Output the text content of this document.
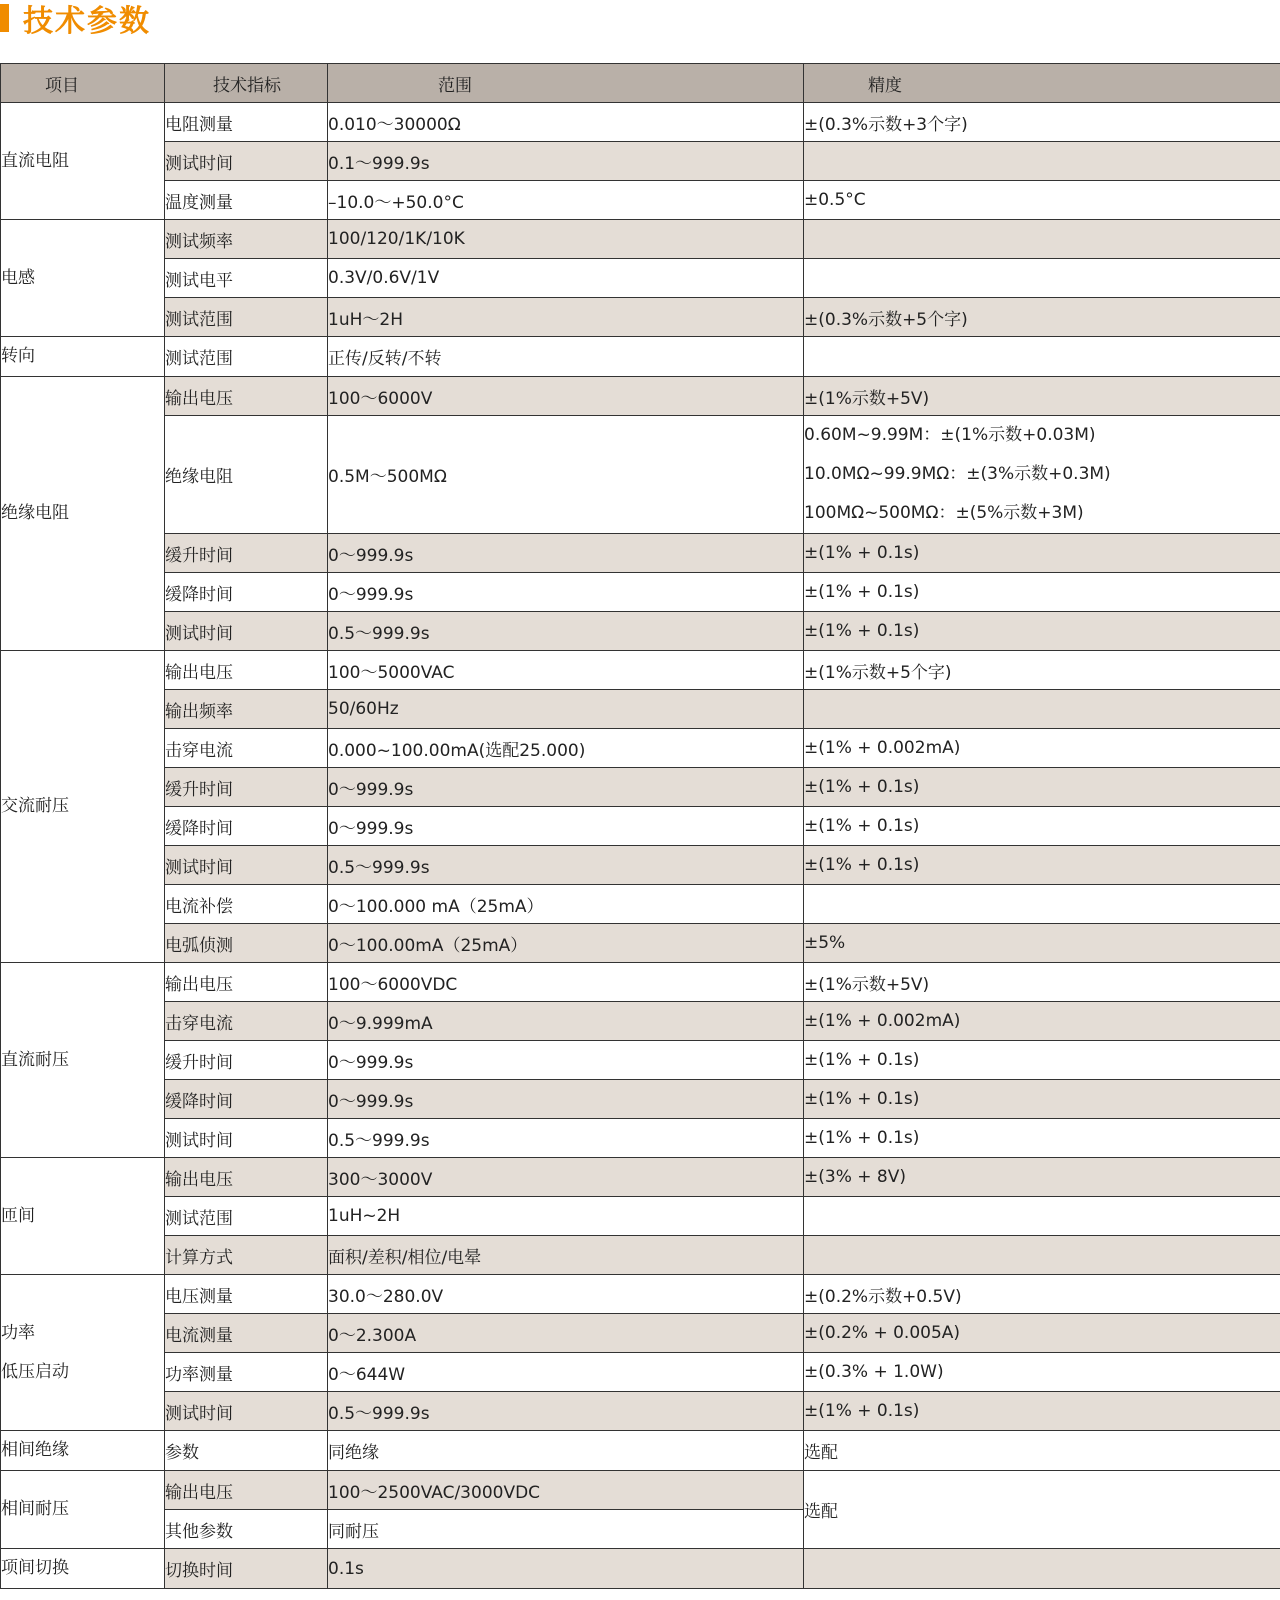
技术参数
项目	技术指标	范围	精度

直流电阻	电阻测量	0.010～30000Ω	±(0.3%示数+3个字)

	测试时间	0.1～999.9s	
	温度测量	–10.0～+50.0°C	±0.5°C

电感	测试频率	100/120/1K/10K	
	测试电平	0.3V/0.6V/1V	
	测试范围	1uH～2H	±(0.3%示数+5个字)

转向	测试范围	正传/反转/不转	

绝缘电阻	输出电压	100～6000V	±(1%示数+5V)

	绝缘电阻	0.5M～500MΩ	0.60M~9.99M：±(1%示数+0.03M)
10.0MΩ~99.9MΩ：±(3%示数+0.3M)
100MΩ~500MΩ：±(5%示数+3M)

	缓升时间	0～999.9s	±(1% + 0.1s)

	缓降时间	0～999.9s	±(1% + 0.1s)

	测试时间	0.5～999.9s	±(1% + 0.1s)

交流耐压	输出电压	100～5000VAC	±(1%示数+5个字)

	输出频率	50/60Hz	
	击穿电流	0.000~100.00mA(选配25.000)	±(1% + 0.002mA)

	缓升时间	0～999.9s	±(1% + 0.1s)

	缓降时间	0～999.9s	±(1% + 0.1s)

	测试时间	0.5～999.9s	±(1% + 0.1s)

	电流补偿	0～100.000 mA（25mA）	
	电弧侦测	0～100.00mA（25mA）	±5%

直流耐压	输出电压	100～6000VDC	±(1%示数+5V)

	击穿电流	0～9.999mA	±(1% + 0.002mA)

	缓升时间	0～999.9s	±(1% + 0.1s)

	缓降时间	0～999.9s	±(1% + 0.1s)

	测试时间	0.5～999.9s	±(1% + 0.1s)

匝间	输出电压	300～3000V	±(3% + 8V)

	测试范围	1uH~2H	
	计算方式	面积/差积/相位/电晕	

功率
低压启动	电压测量	30.0～280.0V	±(0.2%示数+0.5V)

	电流测量	0～2.300A	±(0.2% + 0.005A)

	功率测量	0～644W	±(0.3% + 1.0W)

	测试时间	0.5～999.9s	±(1% + 0.1s)

相间绝缘	参数	同绝缘	选配

相间耐压	输出电压	100～2500VAC/3000VDC	选配

	其他参数	同耐压	

项间切换	切换时间	0.1s	
